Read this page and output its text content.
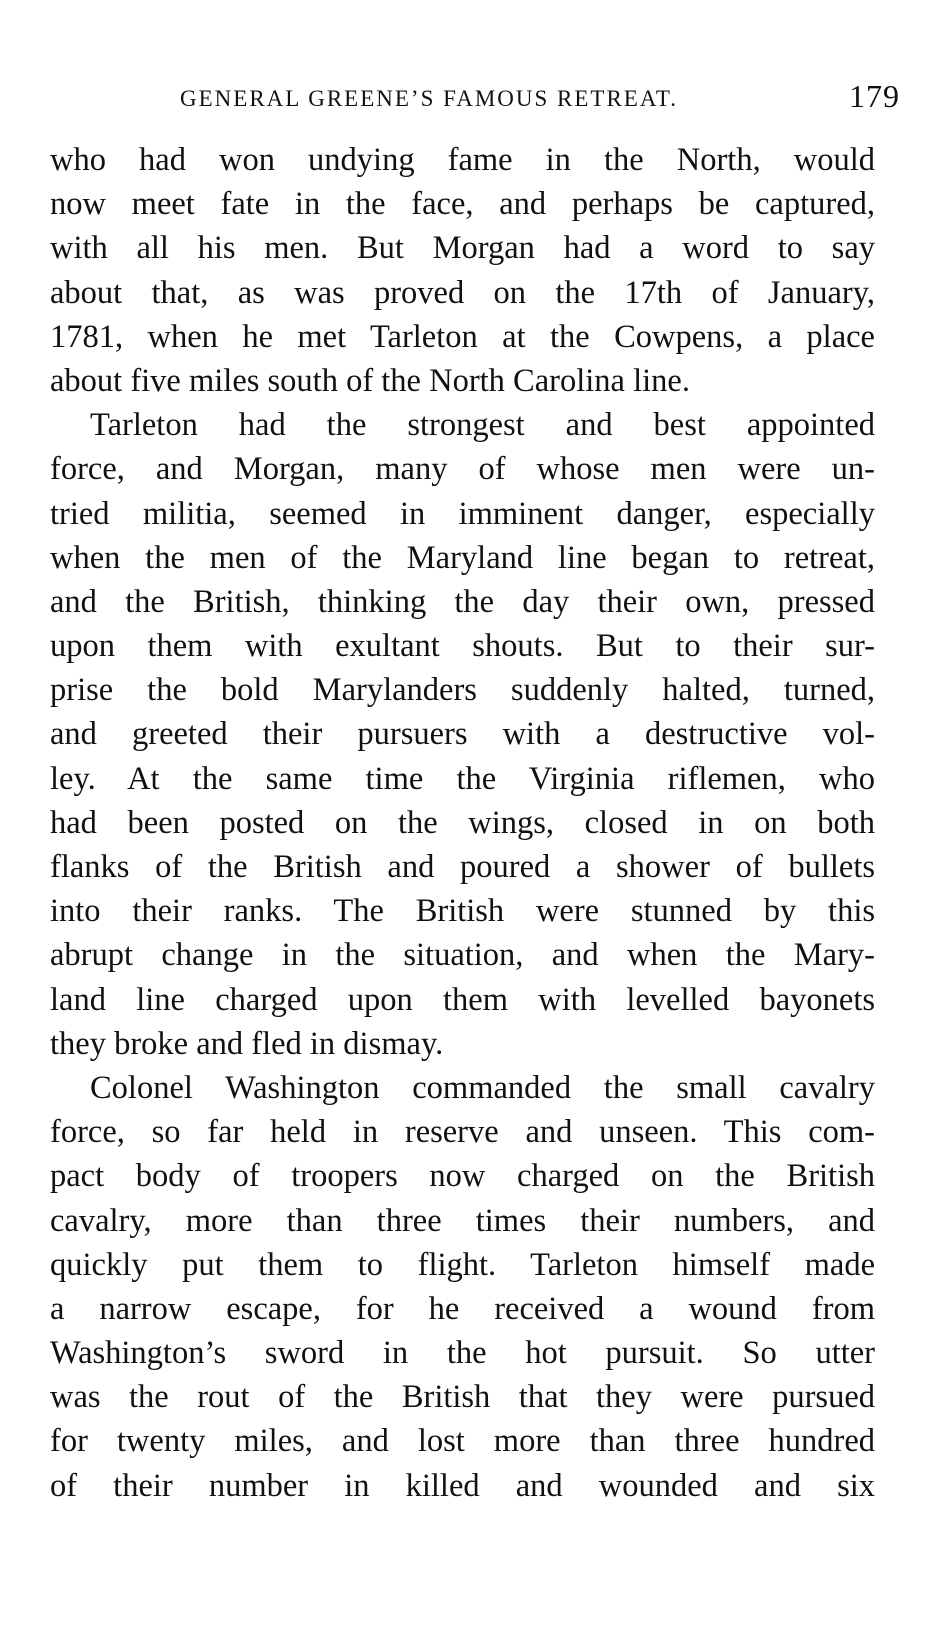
GENERAL GREENE’S FAMOUS RETREAT.	179
who had won undying fame in the North, would
now meet fate in the face, and perhaps be captured,
with all his men. But Morgan had a word to say
about that, as was proved on the 17th of January,
1781, when he met Tarleton at the Cowpens, a place
about five miles south of the North Carolina line.
Tarleton had the strongest and best appointed
force, and Morgan, many of whose men were un-
tried militia, seemed in imminent danger, especially
when the men of the Maryland line began to retreat,
and the British, thinking the day their own, pressed
upon them with exultant shouts. But to their sur-
prise the bold Marylanders suddenly halted, turned,
and greeted their pursuers with a destructive vol-
ley. At the same time the Virginia riflemen, who
had been posted on the wings, closed in on both
flanks of the British and poured a shower of bullets
into their ranks. The British were stunned by this
abrupt change in the situation, and when the Mary-
land line charged upon them with levelled bayonets
they broke and fled in dismay.
Colonel Washington commanded the small cavalry
force, so far held in reserve and unseen. This com-
pact body of troopers now charged on the British
cavalry, more than three times their numbers, and
quickly put them to flight. Tarleton himself made
a narrow escape, for he received a wound from
Washington’s sword in the hot pursuit. So utter
was the rout of the British that they were pursued
for twenty miles, and lost more than three hundred
of their number in killed and wounded and six
